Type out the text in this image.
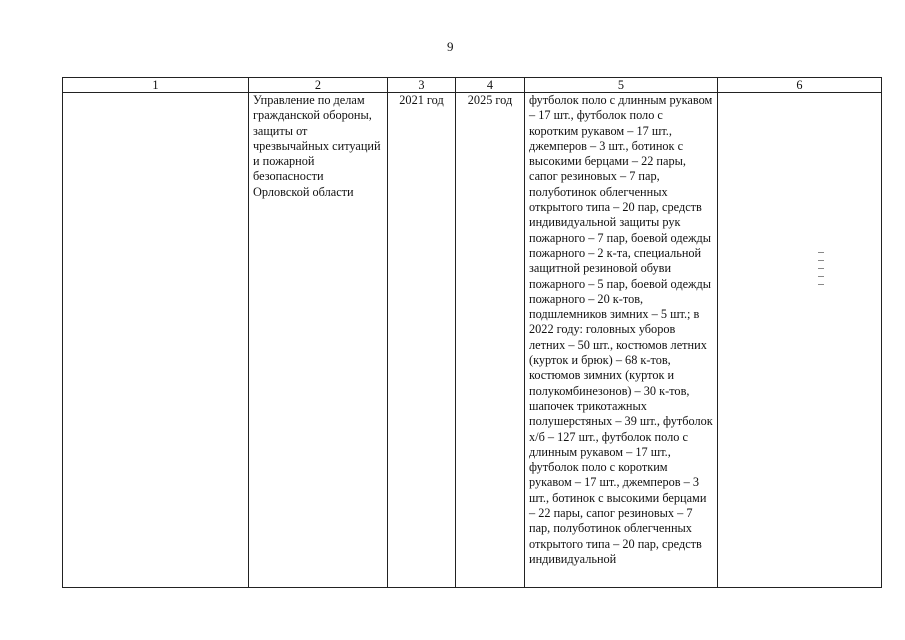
9
1	2	3	4	5	6
	Управление по делам гражданской обороны, защиты от чрезвычайных ситуаций и пожарной безопасности Орловской области	2021 год	2025 год	футболок поло с длинным рукавом – 17 шт., футболок поло с коротким рукавом – 17 шт., джемперов – 3 шт., ботинок с высокими берцами – 22 пары, сапог резиновых – 7 пар, полуботинок облегченных открытого типа – 20 пар, средств индивидуальной защиты рук пожарного – 7 пар, боевой одежды пожарного – 2 к-та, специальной защитной резиновой обуви пожарного – 5 пар, боевой одежды пожарного – 20 к-тов, подшлемников зимних – 5 шт.; в 2022 году: головных уборов летних – 50 шт., костюмов летних (курток и брюк) – 68 к-тов, костюмов зимних (курток и полукомбинезонов) – 30 к-тов, шапочек трикотажных полушерстяных – 39 шт., футболок х/б – 127 шт., футболок поло с длинным рукавом – 17 шт., футболок поло с коротким рукавом – 17 шт., джемперов – 3 шт., ботинок с высокими берцами – 22 пары, сапог резиновых – 7 пар, полуботинок облегченных открытого типа – 20 пар, средств индивидуальной	
